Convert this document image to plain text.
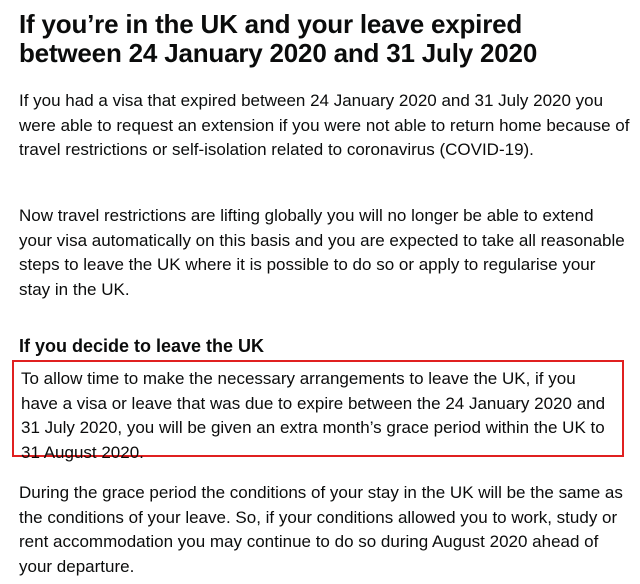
If you’re in the UK and your leave expired between 24 January 2020 and 31 July 2020

If you had a visa that expired between 24 January 2020 and 31 July 2020 you were able to request an extension if you were not able to return home because of travel restrictions or self-isolation related to coronavirus (COVID-19).

Now travel restrictions are lifting globally you will no longer be able to extend your visa automatically on this basis and you are expected to take all reasonable steps to leave the UK where it is possible to do so or apply to regularise your stay in the UK.

If you decide to leave the UK
To allow time to make the necessary arrangements to leave the UK, if you have a visa or leave that was due to expire between the 24 January 2020 and 31 July 2020, you will be given an extra month’s grace period within the UK to 31 August 2020.

During the grace period the conditions of your stay in the UK will be the same as the conditions of your leave. So, if your conditions allowed you to work, study or rent accommodation you may continue to do so during August 2020 ahead of your departure.
